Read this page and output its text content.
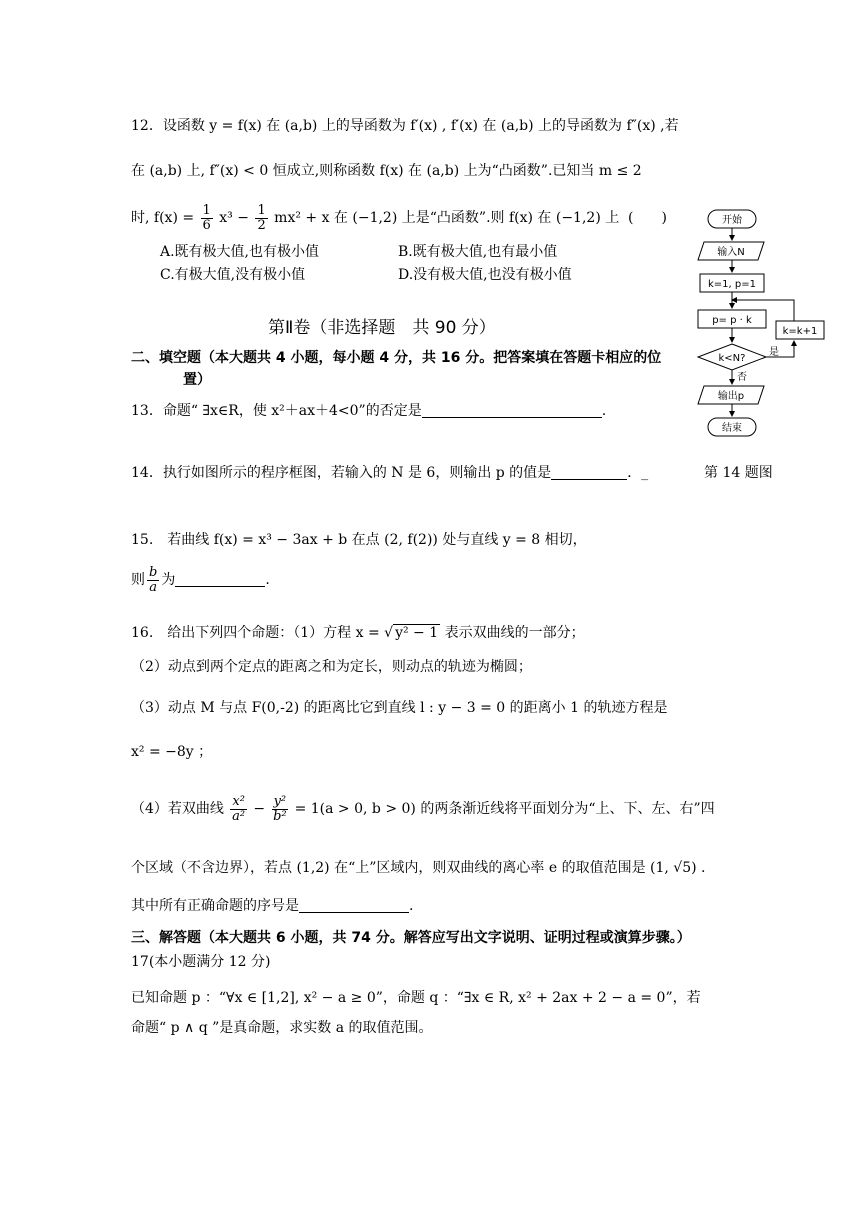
12．设函数 y = f(x) 在 (a,b) 上的导函数为 f′(x) , f′(x) 在 (a,b) 上的导函数为 f″(x) ,若
在 (a,b) 上, f″(x) < 0 恒成立,则称函数 f(x) 在 (a,b) 上为“凸函数”.已知当 m ≤ 2
时, $f(x) = \frac{1}{6} x^3 - \frac{1}{2} mx^2 + x$ 在 (−1,2) 上是“凸函数”.则 f(x) 在 (−1,2) 上 (　　)
A.既有极大值,也有极小值	B.既有极大值,也有最小值
C.有极大值,没有极小值	D.没有极大值,也没有极小值
第Ⅱ卷（非选择题　共 90 分）
二、填空题（本大题共 4 小题，每小题 4 分，共 16 分。把答案填在答题卡相应的位
置）
13．命题“ ∃x∈R，使 x²＋ax＋4<0”的否定是	.
14．执行如图所示的程序框图，若输入的 N 是 6，则输出 p 的值是	．_	第 14 题图
开始
输入N
k=1, p=1
p= p · k
k<N?
k=k+1
是
否
输出p
结束
15.　若曲线 f(x) = x³ − 3ax + b 在点 (2, f(2)) 处与直线 y = 8 相切，
则 $\frac{b}{a}$ 为	.
16.　给出下列四个命题：（1）方程 x = √ y² − 1 表示双曲线的一部分；
（2）动点到两个定点的距离之和为定长，则动点的轨迹为椭圆；
（3）动点 M 与点 F(0,-2) 的距离比它到直线 l : y − 3 = 0 的距离小 1 的轨迹方程是
x² = −8y ；
（4）若双曲线 $\frac{\text{x²}}{\text{a²}} - \frac{\text{y²}}{\text{b²}} = 1(a > 0$, b > 0) 的两条渐近线将平面划分为“上、下、左、右”四
个区域（不含边界），若点 (1,2) 在“上”区域内，则双曲线的离心率 e 的取值范围是 (1, √5) .
其中所有正确命题的序号是	.
三、解答题（本大题共 6 小题，共 74 分。解答应写出文字说明、证明过程或演算步骤。）
17(本小题满分 12 分)
已知命题 p ：“∀x ∈ [1,2], x² − a ≥ 0”，命题 q ：“∃x ∈ R, x² + 2ax + 2 − a = 0”，若
命题“ p ∧ q ”是真命题，求实数 a 的取值范围。
